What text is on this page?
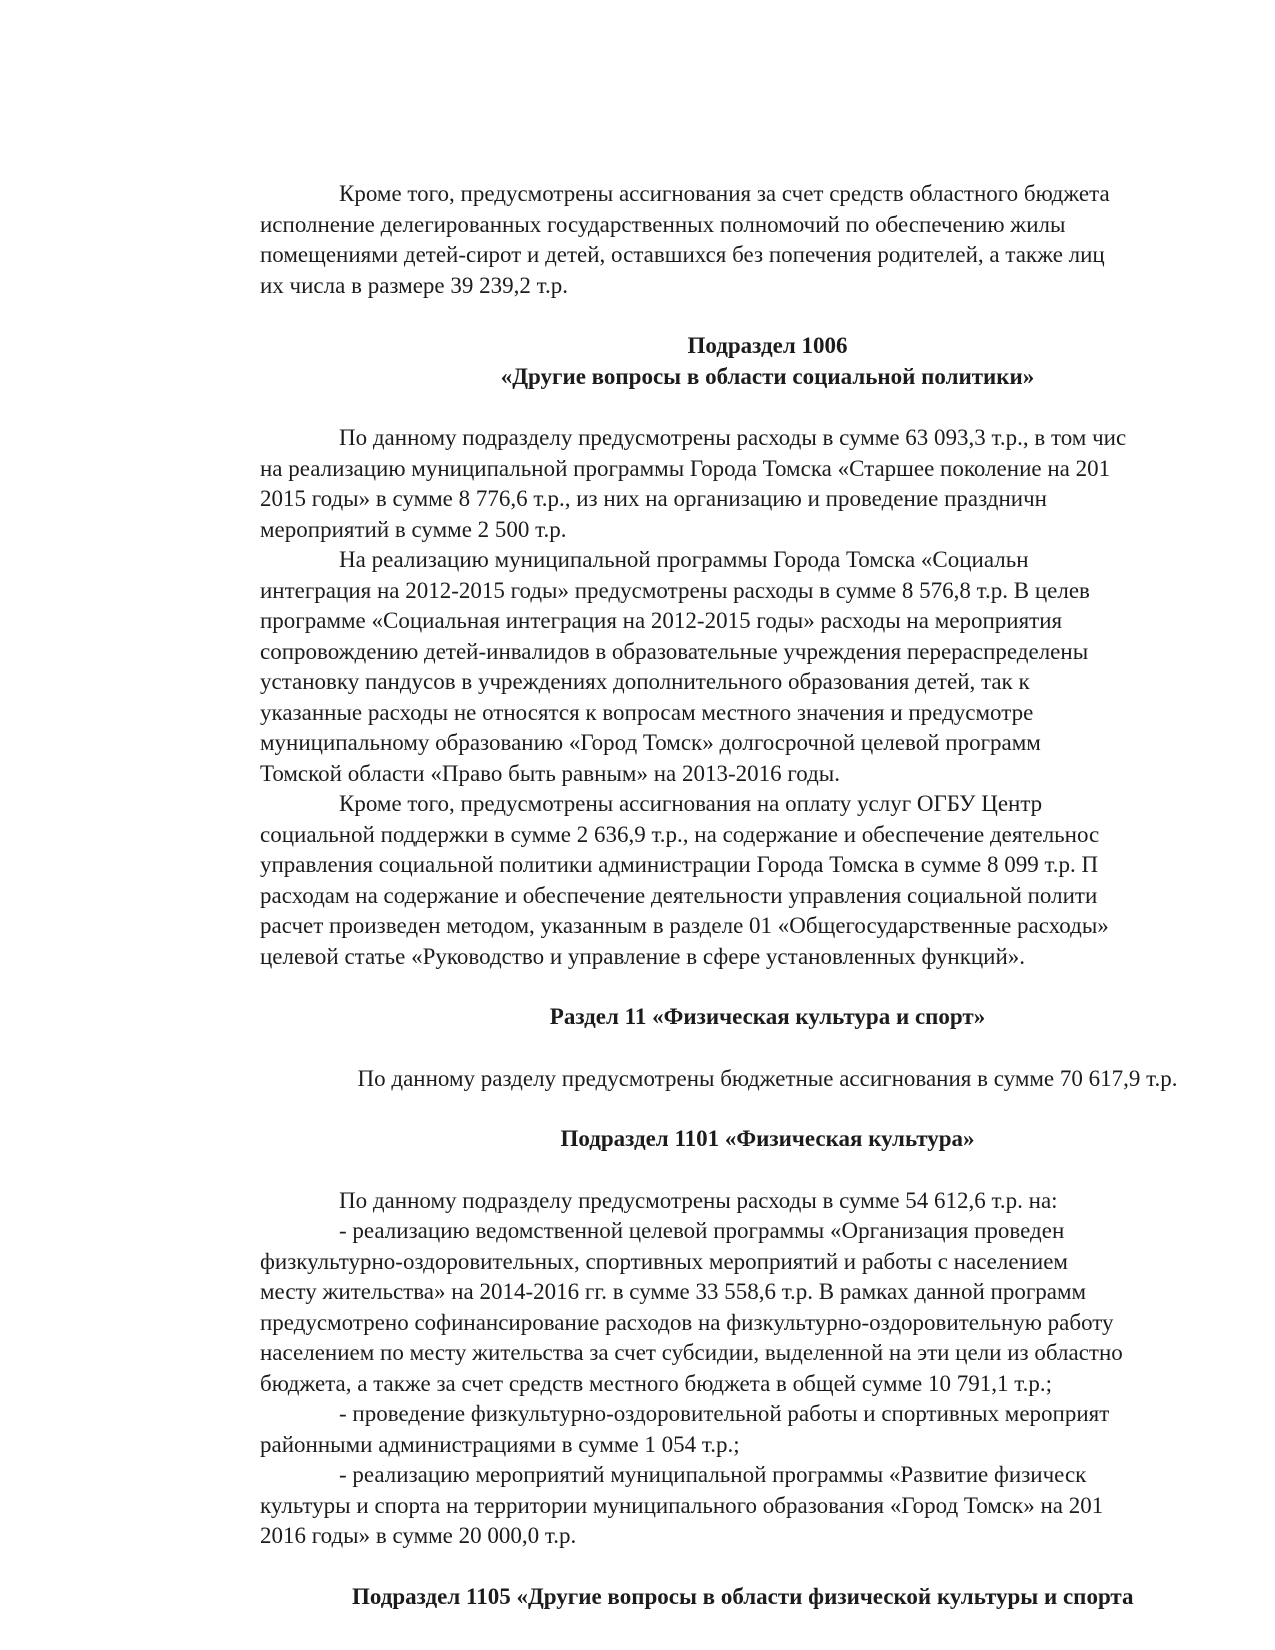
Кроме того, предусмотрены ассигнования за счет средств областного бюджета
исполнение делегированных государственных полномочий по обеспечению жилы
помещениями детей-сирот и детей, оставшихся без попечения родителей, а также лиц
их числа в размере 39 239,2 т.р.
Подраздел 1006
«Другие вопросы в области социальной политики»
По данному подразделу предусмотрены расходы в сумме 63 093,3 т.р., в том чис
на реализацию муниципальной программы Города Томска «Старшее поколение на 201
2015 годы» в сумме 8 776,6 т.р., из них на организацию и проведение праздничн
мероприятий в сумме 2 500 т.р.
На реализацию муниципальной программы Города Томска «Социальн
интеграция на 2012-2015 годы» предусмотрены расходы в сумме 8 576,8 т.р. В целев
программе «Социальная интеграция на 2012-2015 годы» расходы на мероприятия
сопровождению детей-инвалидов в образовательные учреждения перераспределены
установку пандусов в учреждениях дополнительного образования детей, так к
указанные расходы не относятся к вопросам местного значения и предусмотре
муниципальному образованию «Город Томск» долгосрочной целевой программ
Томской области «Право быть равным» на 2013-2016 годы.
Кроме того, предусмотрены ассигнования на оплату услуг ОГБУ Центр
социальной поддержки в сумме 2 636,9 т.р., на содержание и обеспечение деятельнос
управления социальной политики администрации Города Томска в сумме 8 099 т.р. П
расходам на содержание и обеспечение деятельности управления социальной полити
расчет произведен методом, указанным в разделе 01 «Общегосударственные расходы»
целевой статье «Руководство и управление в сфере установленных функций».
Раздел 11 «Физическая культура и спорт»
По данному разделу предусмотрены бюджетные ассигнования в сумме 70 617,9 т.р.
Подраздел 1101 «Физическая культура»
По данному подразделу предусмотрены расходы в сумме 54 612,6 т.р. на:
- реализацию ведомственной целевой программы «Организация проведен
физкультурно-оздоровительных, спортивных мероприятий и работы с населением
месту жительства» на 2014-2016 гг. в сумме 33 558,6 т.р. В рамках данной программ
предусмотрено софинансирование расходов на физкультурно-оздоровительную работу
населением по месту жительства за счет субсидии, выделенной на эти цели из областно
бюджета, а также за счет средств местного бюджета в общей сумме 10 791,1 т.р.;
- проведение физкультурно-оздоровительной работы и спортивных мероприят
районными администрациями в сумме 1 054 т.р.;
- реализацию мероприятий муниципальной программы «Развитие физическ
культуры и спорта на территории муниципального образования «Город Томск» на 201
2016 годы» в сумме 20 000,0 т.р.
Подраздел 1105 «Другие вопросы в области физической культуры и спорта
